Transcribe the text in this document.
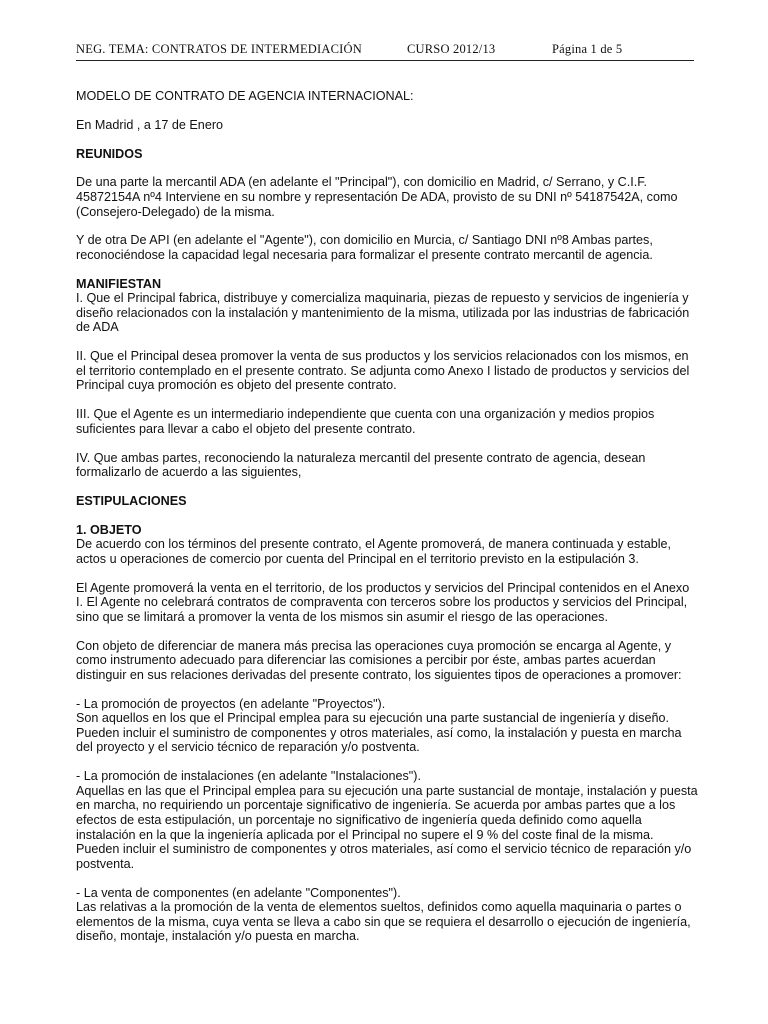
NEG. TEMA: CONTRATOS DE INTERMEDIACIÓN	CURSO 2012/13	Página 1 de 5

MODELO DE CONTRATO DE AGENCIA INTERNACIONAL:

En Madrid , a 17 de Enero

REUNIDOS

De una parte la mercantil ADA (en adelante el "Principal"), con domicilio en Madrid, c/ Serrano, y C.I.F. 45872154A nº4 Interviene en su nombre y representación De ADA, provisto de su DNI nº 54187542A, como (Consejero-Delegado) de la misma.

Y de otra De API (en adelante el "Agente"), con domicilio en Murcia, c/ Santiago DNI nº8 Ambas partes, reconociéndose la capacidad legal necesaria para formalizar el presente contrato mercantil de agencia.

MANIFIESTAN

I. Que el Principal fabrica, distribuye y comercializa maquinaria, piezas de repuesto y servicios de ingeniería y diseño relacionados con la instalación y mantenimiento de la misma, utilizada por las industrias de fabricación de ADA

II. Que el Principal desea promover la venta de sus productos y los servicios relacionados con los mismos, en el territorio contemplado en el presente contrato. Se adjunta como Anexo I listado de productos y servicios del Principal cuya promoción es objeto del presente contrato.

III. Que el Agente es un intermediario independiente que cuenta con una organización y medios propios suficientes para llevar a cabo el objeto del presente contrato.

IV. Que ambas partes, reconociendo la naturaleza mercantil del presente contrato de agencia, desean formalizarlo de acuerdo a las siguientes,

ESTIPULACIONES

1. OBJETO

De acuerdo con los términos del presente contrato, el Agente promoverá, de manera continuada y estable, actos u operaciones de comercio por cuenta del Principal en el territorio previsto en la estipulación 3.

El Agente promoverá la venta en el territorio, de los productos y servicios del Principal contenidos en el Anexo I. El Agente no celebrará contratos de compraventa con terceros sobre los productos y servicios del Principal, sino que se limitará a promover la venta de los mismos sin asumir el riesgo de las operaciones.

Con objeto de diferenciar de manera más precisa las operaciones cuya promoción se encarga al Agente, y como instrumento adecuado para diferenciar las comisiones a percibir por éste, ambas partes acuerdan distinguir en sus relaciones derivadas del presente contrato, los siguientes tipos de operaciones a promover:

- La promoción de proyectos (en adelante "Proyectos").

Son aquellos en los que el Principal emplea para su ejecución una parte sustancial de ingeniería y diseño. Pueden incluir el suministro de componentes y otros materiales, así como, la instalación y puesta en marcha del proyecto y el servicio técnico de reparación y/o postventa.

- La promoción de instalaciones (en adelante "Instalaciones").

Aquellas en las que el Principal emplea para su ejecución una parte sustancial de montaje, instalación y puesta en marcha, no requiriendo un porcentaje significativo de ingeniería. Se acuerda por ambas partes que a los efectos de esta estipulación, un porcentaje no significativo de ingeniería queda definido como aquella instalación en la que la ingeniería aplicada por el Principal no supere el 9 % del coste final de la misma.

Pueden incluir el suministro de componentes y otros materiales, así como el servicio técnico de reparación y/o postventa.

- La venta de componentes (en adelante "Componentes").

Las relativas a la promoción de la venta de elementos sueltos, definidos como aquella maquinaria o partes o elementos de la misma, cuya venta se lleva a cabo sin que se requiera el desarrollo o ejecución de ingeniería, diseño, montaje, instalación y/o puesta en marcha.
